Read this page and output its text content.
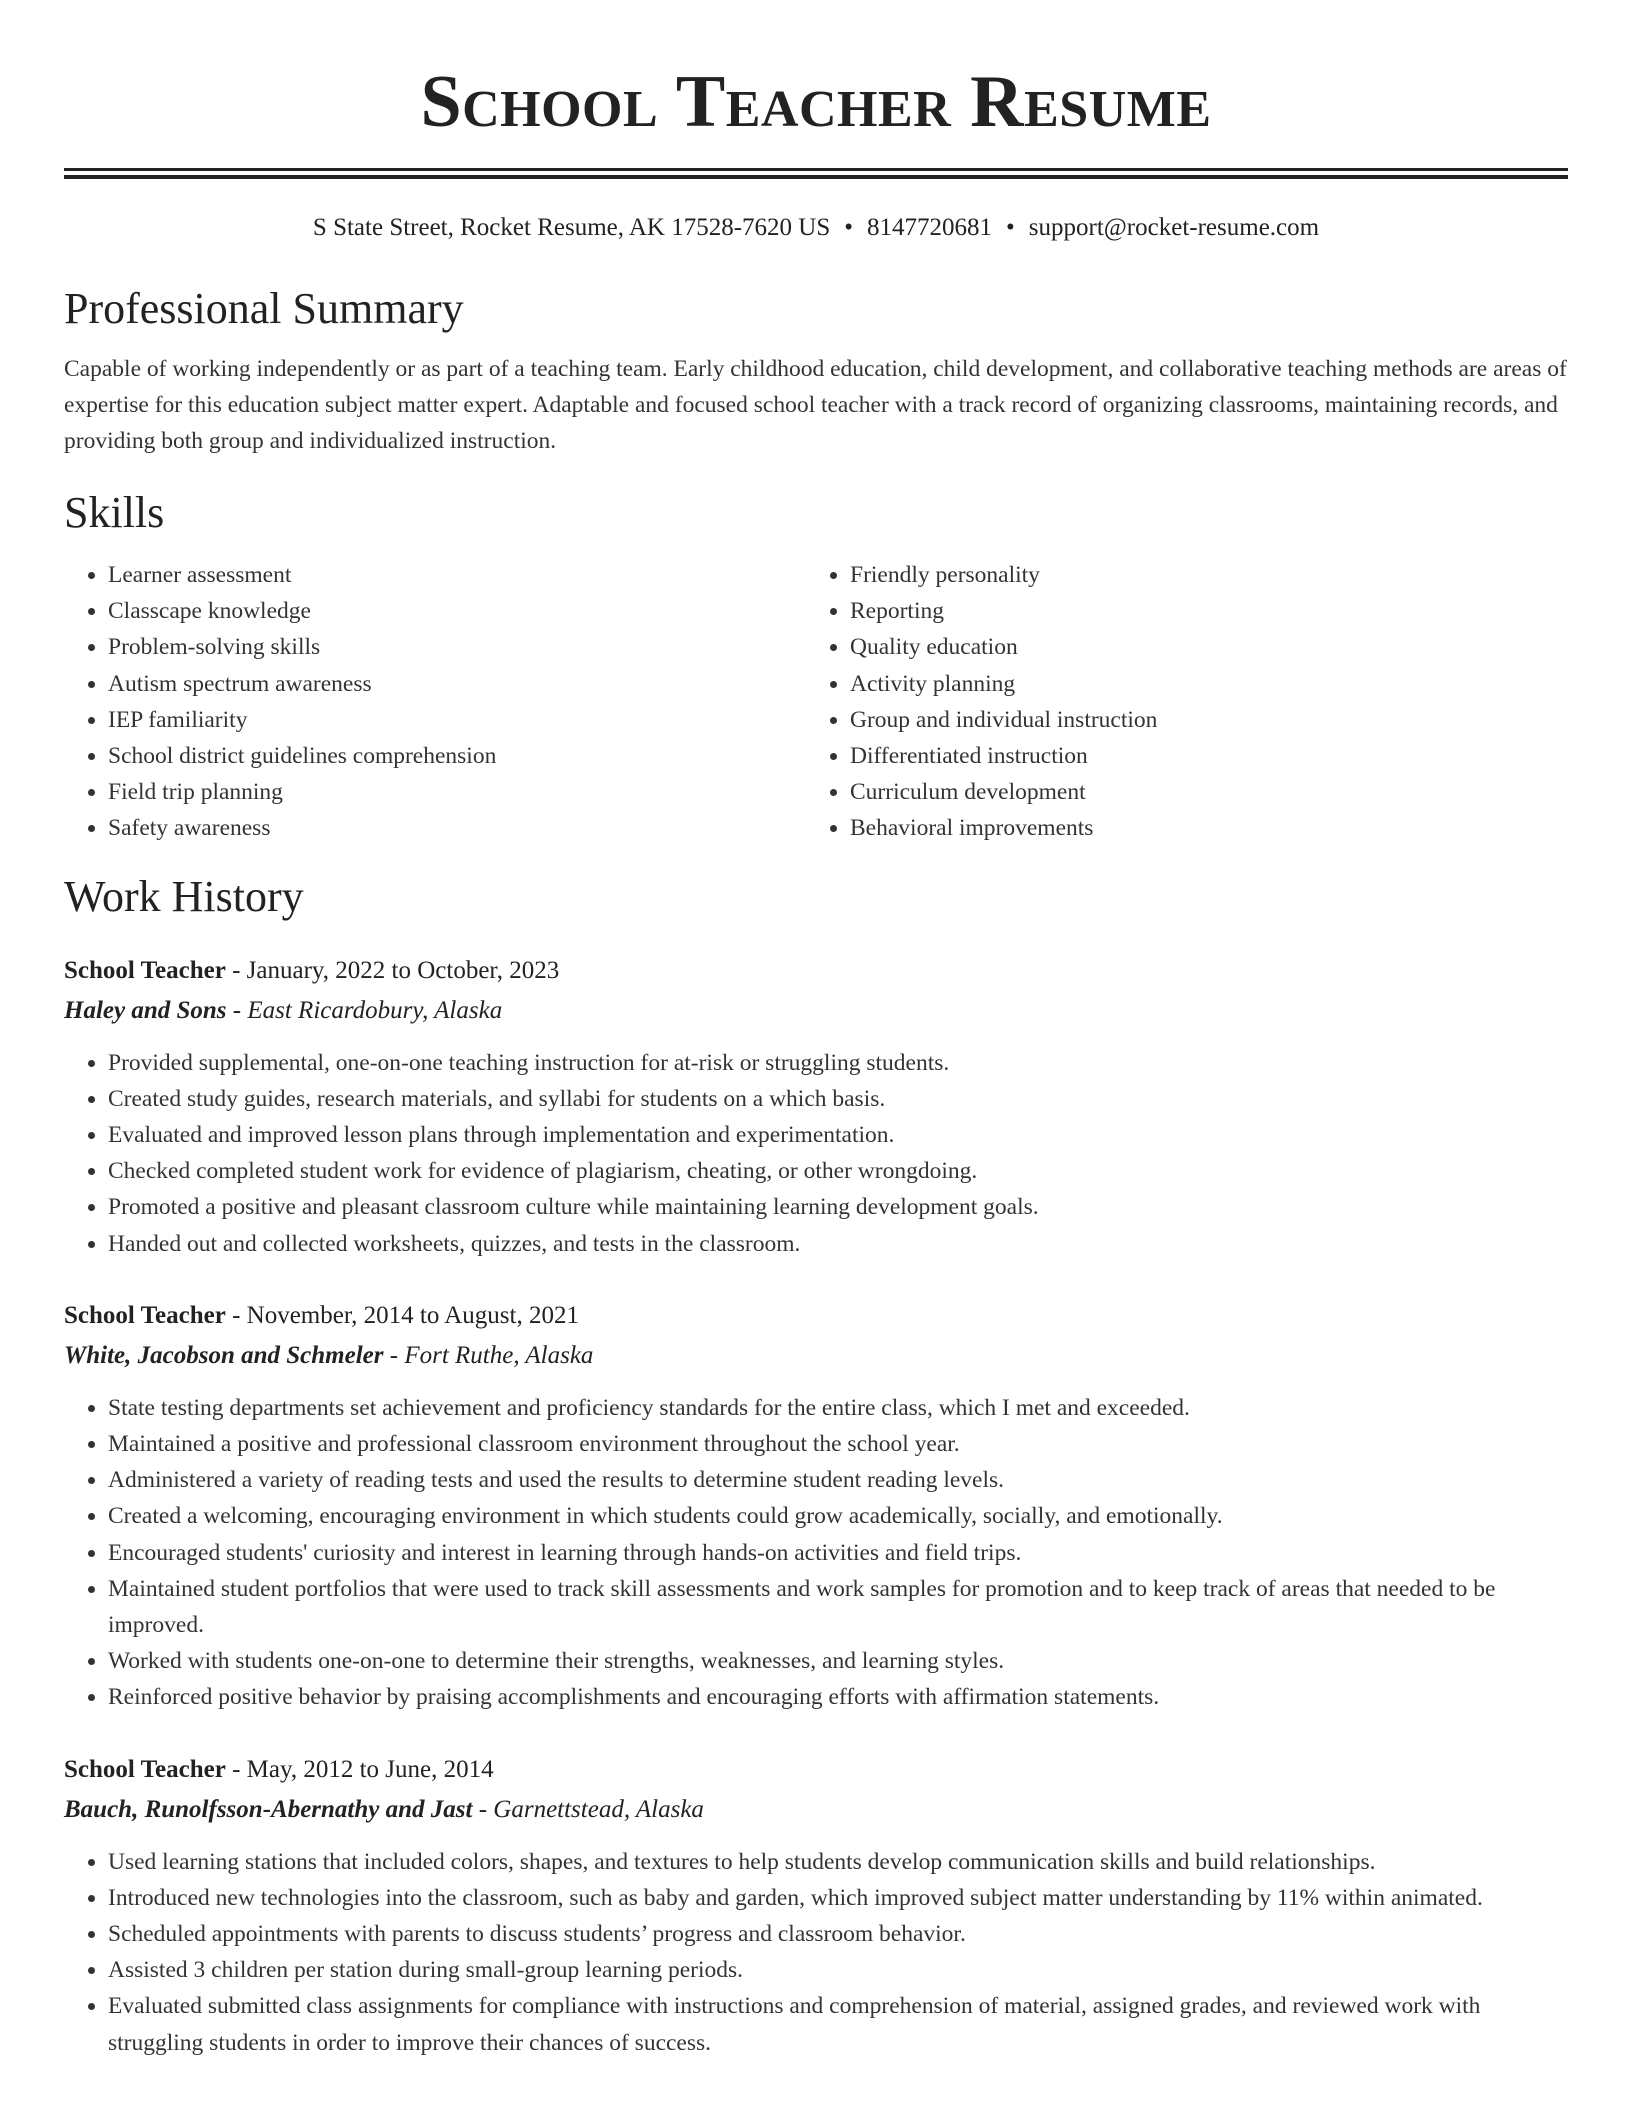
School Teacher Resume
S State Street, Rocket Resume, AK 17528-7620 US • 8147720681 • support@rocket-resume.com
Professional Summary
Capable of working independently or as part of a teaching team. Early childhood education, child development, and collaborative teaching methods are areas of expertise for this education subject matter expert. Adaptable and focused school teacher with a track record of organizing classrooms, maintaining records, and providing both group and individualized instruction.
Skills
• Learner assessment
• Classcape knowledge
• Problem-solving skills
• Autism spectrum awareness
• IEP familiarity
• School district guidelines comprehension
• Field trip planning
• Safety awareness
• Friendly personality
• Reporting
• Quality education
• Activity planning
• Group and individual instruction
• Differentiated instruction
• Curriculum development
• Behavioral improvements
Work History
School Teacher - January, 2022 to October, 2023
Haley and Sons - East Ricardobury, Alaska
• Provided supplemental, one-on-one teaching instruction for at-risk or struggling students.
• Created study guides, research materials, and syllabi for students on a which basis.
• Evaluated and improved lesson plans through implementation and experimentation.
• Checked completed student work for evidence of plagiarism, cheating, or other wrongdoing.
• Promoted a positive and pleasant classroom culture while maintaining learning development goals.
• Handed out and collected worksheets, quizzes, and tests in the classroom.
School Teacher - November, 2014 to August, 2021
White, Jacobson and Schmeler - Fort Ruthe, Alaska
• State testing departments set achievement and proficiency standards for the entire class, which I met and exceeded.
• Maintained a positive and professional classroom environment throughout the school year.
• Administered a variety of reading tests and used the results to determine student reading levels.
• Created a welcoming, encouraging environment in which students could grow academically, socially, and emotionally.
• Encouraged students' curiosity and interest in learning through hands-on activities and field trips.
• Maintained student portfolios that were used to track skill assessments and work samples for promotion and to keep track of areas that needed to be improved.
• Worked with students one-on-one to determine their strengths, weaknesses, and learning styles.
• Reinforced positive behavior by praising accomplishments and encouraging efforts with affirmation statements.
School Teacher - May, 2012 to June, 2014
Bauch, Runolfsson-Abernathy and Jast - Garnettstead, Alaska
• Used learning stations that included colors, shapes, and textures to help students develop communication skills and build relationships.
• Introduced new technologies into the classroom, such as baby and garden, which improved subject matter understanding by 11% within animated.
• Scheduled appointments with parents to discuss students’ progress and classroom behavior.
• Assisted 3 children per station during small-group learning periods.
• Evaluated submitted class assignments for compliance with instructions and comprehension of material, assigned grades, and reviewed work with struggling students in order to improve their chances of success.
